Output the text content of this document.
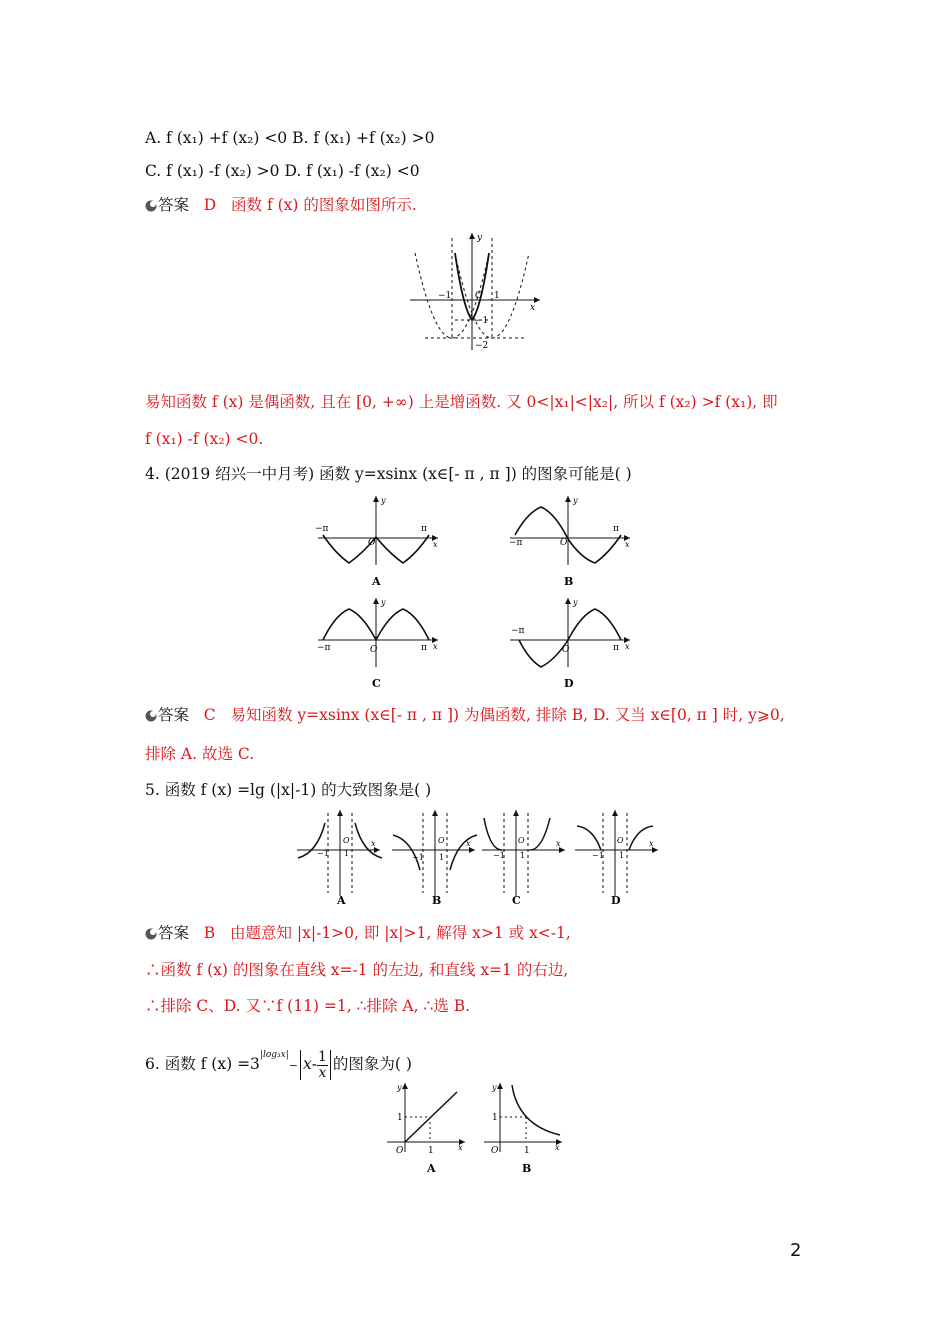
A. f (x₁) +f (x₂) <0 B. f (x₁) +f (x₂) >0
C. f (x₁) -f (x₂) >0 D. f (x₁) -f (x₂) <0
答案 D 函数 f (x) 的图象如图所示.
y
x
−1	1
O
−1
−2
易知函数 f (x) 是偶函数, 且在 [0, +∞) 上是增函数. 又 0<|x₁|<|x₂|, 所以 f (x₂) >f (x₁), 即
f (x₁) -f (x₂) <0.
4. (2019 绍兴一中月考) 函数 y=xsinx (x∈[- π , π ]) 的图象可能是( )
−π	π
O
y
x
A
−π
π
O
y
x
B
−π	π
O
y
x
C
−π
π
O
y
x
D
答案 C 易知函数 y=xsinx (x∈[- π , π ]) 为偶函数, 排除 B, D. 又当 x∈[0, π ] 时, y⩾0,
排除 A. 故选 C.
5. 函数 f (x) =lg (|x|-1) 的大致图象是( )
−1 1
O	x
A
−1 1
O	x
B
−1 1
O	x
C
−1 1
O	x
D
答案 B 由题意知 |x|-1>0, 即 |x|>1, 解得 x>1 或 x<-1,
∴函数 f (x) 的图象在直线 x=-1 的左边, 和直线 x=1 的右边,
∴排除 C、D. 又∵f (11) =1, ∴排除 A, ∴选 B.
6. 函数 f $(x) =3^{|log_3x|}- x- \frac{1}{x}$ 的图象为( )
1
1
O
y
x
A
1
1
O
y
x
B
2
